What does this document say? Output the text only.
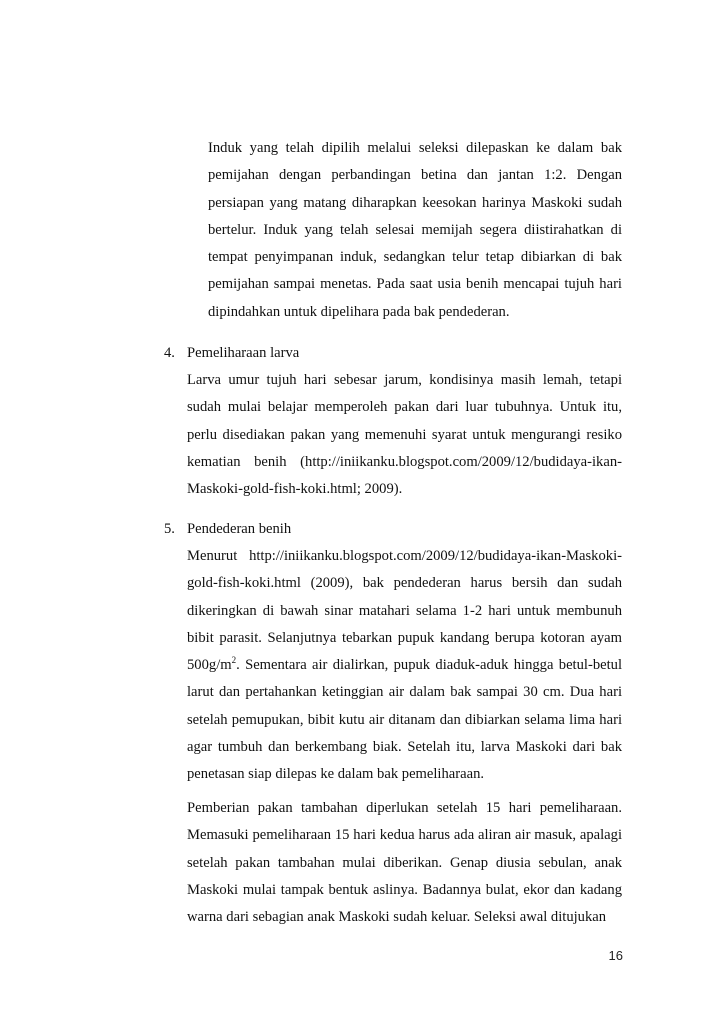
Induk yang telah dipilih melalui seleksi dilepaskan ke dalam bak pemijahan dengan perbandingan betina dan jantan 1:2. Dengan persiapan yang matang diharapkan keesokan harinya Maskoki sudah bertelur. Induk yang telah selesai memijah segera diistirahatkan di tempat penyimpanan induk, sedangkan telur tetap dibiarkan di bak pemijahan sampai menetas. Pada saat usia benih mencapai tujuh hari dipindahkan untuk dipelihara pada bak pendederan.

4. Pemeliharaan larva

Larva umur tujuh hari sebesar jarum, kondisinya masih lemah, tetapi sudah mulai belajar memperoleh pakan dari luar tubuhnya. Untuk itu, perlu disediakan pakan yang memenuhi syarat untuk mengurangi resiko kematian benih (http://iniikanku.blogspot.com/2009/12/budidaya-ikan-Maskoki-gold-fish-koki.html; 2009).

5. Pendederan benih

Menurut http://iniikanku.blogspot.com/2009/12/budidaya-ikan-Maskoki-gold-fish-koki.html (2009), bak pendederan harus bersih dan sudah dikeringkan di bawah sinar matahari selama 1-2 hari untuk membunuh bibit parasit. Selanjutnya tebarkan pupuk kandang berupa kotoran ayam $500g/m^2$. Sementara air dialirkan, pupuk diaduk-aduk hingga betul-betul larut dan pertahankan ketinggian air dalam bak sampai 30 cm. Dua hari setelah pemupukan, bibit kutu air ditanam dan dibiarkan selama lima hari agar tumbuh dan berkembang biak. Setelah itu, larva Maskoki dari bak penetasan siap dilepas ke dalam bak pemeliharaan.

Pemberian pakan tambahan diperlukan setelah 15 hari pemeliharaan. Memasuki pemeliharaan 15 hari kedua harus ada aliran air masuk, apalagi setelah pakan tambahan mulai diberikan. Genap diusia sebulan, anak Maskoki mulai tampak bentuk aslinya. Badannya bulat, ekor dan kadang warna dari sebagian anak Maskoki sudah keluar. Seleksi awal ditujukan

16
